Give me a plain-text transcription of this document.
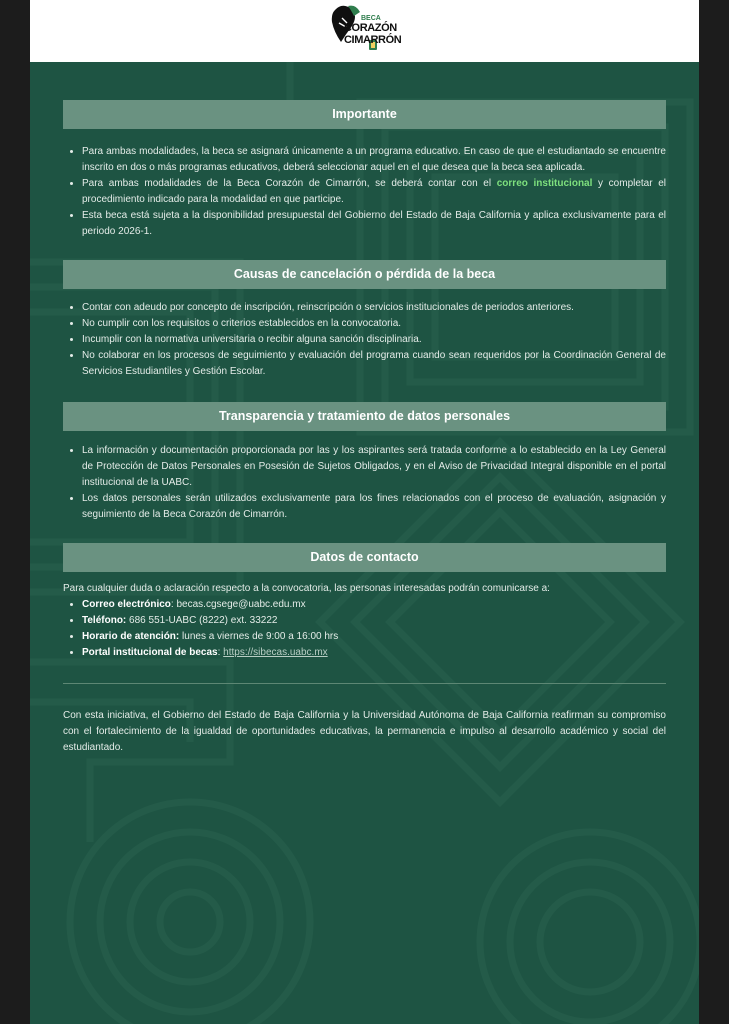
BECA
CORAZÓN
CIMARRÓN
Importante
• Para ambas modalidades, la beca se asignará únicamente a un programa educativo. En caso de que el estudiantado se encuentre inscrito en dos o más programas educativos, deberá seleccionar aquel en el que desea que la beca sea aplicada.
• Para ambas modalidades de la Beca Corazón de Cimarrón, se deberá contar con el correo institucional y completar el procedimiento indicado para la modalidad en que participe.
• Esta beca está sujeta a la disponibilidad presupuestal del Gobierno del Estado de Baja California y aplica exclusivamente para el periodo 2026-1.
Causas de cancelación o pérdida de la beca
• Contar con adeudo por concepto de inscripción, reinscripción o servicios institucionales de periodos anteriores.
• No cumplir con los requisitos o criterios establecidos en la convocatoria.
• Incumplir con la normativa universitaria o recibir alguna sanción disciplinaria.
• No colaborar en los procesos de seguimiento y evaluación del programa cuando sean requeridos por la Coordinación General de Servicios Estudiantiles y Gestión Escolar.
Transparencia y tratamiento de datos personales
• La información y documentación proporcionada por las y los aspirantes será tratada conforme a lo establecido en la Ley General de Protección de Datos Personales en Posesión de Sujetos Obligados, y en el Aviso de Privacidad Integral disponible en el portal institucional de la UABC.
• Los datos personales serán utilizados exclusivamente para los fines relacionados con el proceso de evaluación, asignación y seguimiento de la Beca Corazón de Cimarrón.
Datos de contacto
Para cualquier duda o aclaración respecto a la convocatoria, las personas interesadas podrán comunicarse a:
• Correo electrónico: becas.cgsege@uabc.edu.mx
• Teléfono: 686 551-UABC (8222) ext. 33222
• Horario de atención: lunes a viernes de 9:00 a 16:00 hrs
• Portal institucional de becas: https://sibecas.uabc.mx
Con esta iniciativa, el Gobierno del Estado de Baja California y la Universidad Autónoma de Baja California reafirman su compromiso con el fortalecimiento de la igualdad de oportunidades educativas, la permanencia e impulso al desarrollo académico y social del estudiantado.
